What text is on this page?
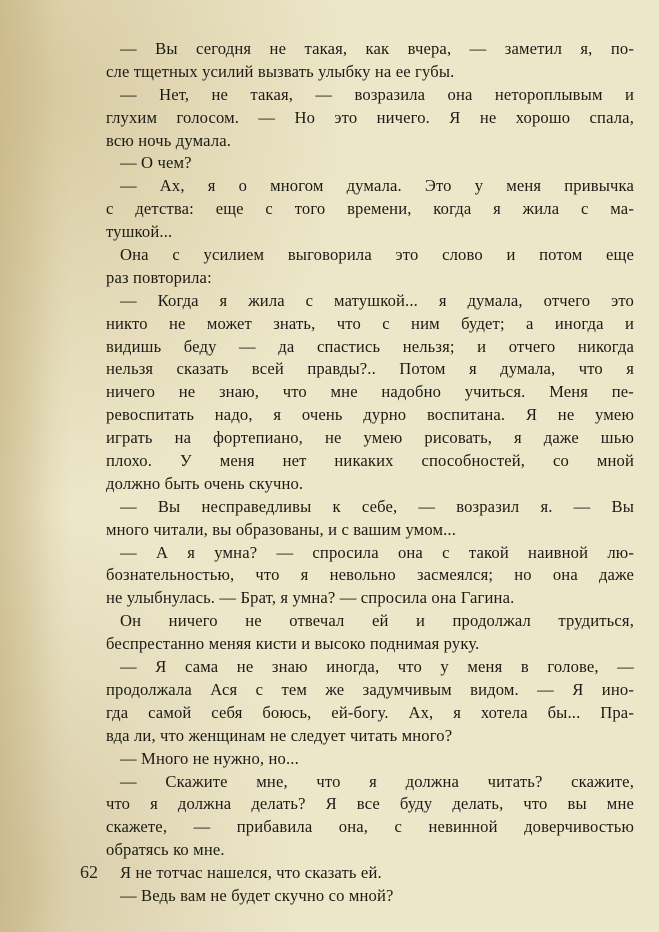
— Вы сегодня не такая, как вчера, — заметил я, по-
сле тщетных усилий вызвать улыбку на ее губы.
— Нет, не такая, — возразила она нетороплывым и
глухим голосом. — Но это ничего. Я не хорошо спала,
всю ночь думала.
— О чем?
— Ах, я о многом думала. Это у меня привычка
с детства: еще с того времени, когда я жила с ма-
тушкой...
Она с усилием выговорила это слово и потом еще
раз повторила:
— Когда я жила с матушкой... я думала, отчего это
никто не может знать, что с ним будет; а иногда и
видишь беду — да спастись нельзя; и отчего никогда
нельзя сказать всей правды?.. Потом я думала, что я
ничего не знаю, что мне надобно учиться. Меня пе-
ревоспитать надо, я очень дурно воспитана. Я не умею
играть на фортепиано, не умею рисовать, я даже шью
плохо. У меня нет никаких способностей, со мной
должно быть очень скучно.
— Вы несправедливы к себе, — возразил я. — Вы
много читали, вы образованы, и с вашим умом...
— А я умна? — спросила она с такой наивной лю-
бознательностью, что я невольно засмеялся; но она даже
не улыбнулась. — Брат, я умна? — спросила она Гагина.
Он ничего не отвечал ей и продолжал трудиться,
беспрестанно меняя кисти и высоко поднимая руку.
— Я сама не знаю иногда, что у меня в голове, —
продолжала Ася с тем же задумчивым видом. — Я ино-
гда самой себя боюсь, ей-богу. Ах, я хотела бы... Пра-
вда ли, что женщинам не следует читать много?
— Много не нужно, но...
— Скажите мне, что я должна читать? скажите,
что я должна делать? Я все буду делать, что вы мне
скажете, — прибавила она, с невинной доверчивостью
обратясь ко мне.
Я не тотчас нашелся, что сказать ей.
— Ведь вам не будет скучно со мной?
62
